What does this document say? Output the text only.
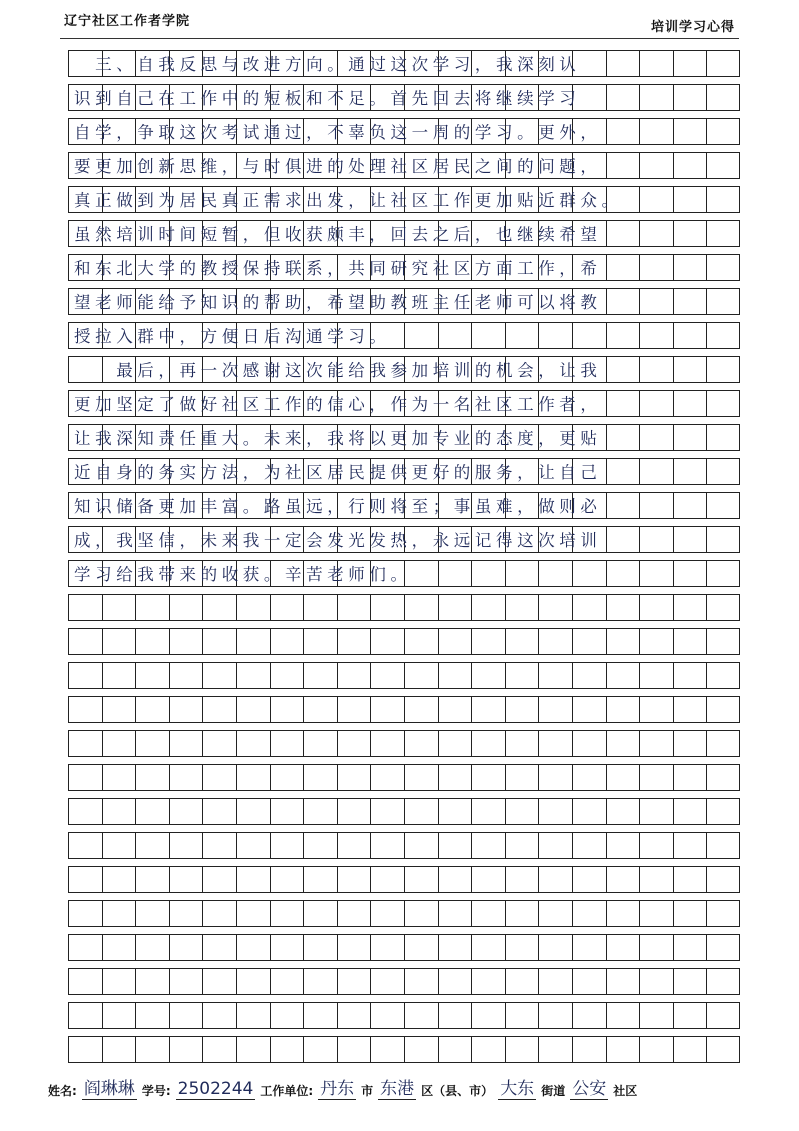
辽宁社区工作者学院	培训学习心得
　三、自我反思与改进方向。通过这次学习，我深刻认
识到自己在工作中的短板和不足。首先回去将继续学习
自学，争取这次考试通过，不辜负这一周的学习。更外，
要更加创新思维，与时俱进的处理社区居民之间的问题，
真正做到为居民真正需求出发，让社区工作更加贴近群众。
虽然培训时间短暂，但收获颇丰，回去之后，也继续希望
和东北大学的教授保持联系，共同研究社区方面工作，希
望老师能给予知识的帮助，希望助教班主任老师可以将教
授拉入群中，方便日后沟通学习。
　　最后，再一次感谢这次能给我参加培训的机会，让我
更加坚定了做好社区工作的信心，作为一名社区工作者，
让我深知责任重大。未来，我将以更加专业的态度，更贴
近自身的务实方法，为社区居民提供更好的服务，让自己
知识储备更加丰富。路虽远，行则将至；事虽难，做则必
成，我坚信，未来我一定会发光发热，永远记得这次培训
学习给我带来的收获。辛苦老师们。
姓名: 阎琳琳 学号: 2502244 工作单位: 丹东 市 东港 区（县、市） 大东 街道 公安 社区
